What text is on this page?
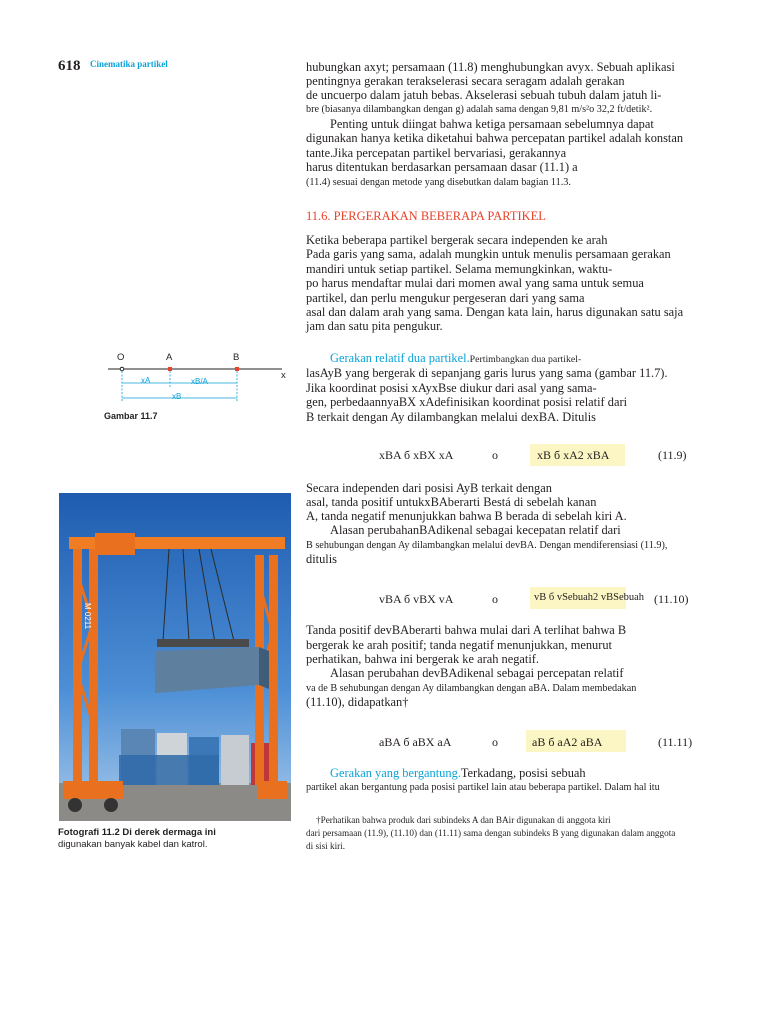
618 Cinematika partikel	hubungkan axyt; persamaan (11.8) menghubungkan avyx. Sebuah aplikasi
pentingnya gerakan terakselerasi secara seragam adalah gerakan
de uncuerpo dalam jatuh bebas. Akselerasi sebuah tubuh dalam jatuh li-
bre (biasanya dilambangkan dengan g) adalah sama dengan 9,81 m/s²o 32,2 ft/detik².
Penting untuk diingat bahwa ketiga persamaan sebelumnya dapat
digunakan hanya ketika diketahui bahwa percepatan partikel adalah konstan
tante.Jika percepatan partikel bervariasi, gerakannya
harus ditentukan berdasarkan persamaan dasar (11.1) a
(11.4) sesuai dengan metode yang disebutkan dalam bagian 11.3.
11.6. PERGERAKAN BEBERAPA PARTIKEL
Ketika beberapa partikel bergerak secara independen ke arah
Pada garis yang sama, adalah mungkin untuk menulis persamaan gerakan
mandiri untuk setiap partikel. Selama memungkinkan, waktu-
po harus mendaftar mulai dari momen awal yang sama untuk semua
partikel, dan perlu mengukur pergeseran dari yang sama
asal dan dalam arah yang sama. Dengan kata lain, harus digunakan satu saja
jam dan satu pita pengukur.
O	A	B
x
xA	xB/A
xB
Gambar 11.7
Gerakan relatif dua partikel.Pertimbangkan dua partikel-
lasAyB yang bergerak di sepanjang garis lurus yang sama (gambar 11.7).
Jika koordinat posisi xAyxBse diukur dari asal yang sama-
gen, perbedaannyaBX xAdefinisikan koordinat posisi relatif dari
B terkait dengan Ay dilambangkan melalui dexBA. Ditulis
xBA б xBX xA	o	xB б xA2 xBA	(11.9)
Secara independen dari posisi AyB terkait dengan
asal, tanda positif untukxBAberarti Bestá di sebelah kanan
A, tanda negatif menunjukkan bahwa B berada di sebelah kiri A.
Alasan perubahanBAdikenal sebagai kecepatan relatif dari
B sehubungan dengan Ay dilambangkan melalui devBA. Dengan mendiferensiasi (11.9),
ditulis
vBA б vBX vA	o	vB б vSebuah2 vBSebuah (11.10)
Tanda positif devBAberarti bahwa mulai dari A terlihat bahwa B
bergerak ke arah positif; tanda negatif menunjukkan, menurut
perhatikan, bahwa ini bergerak ke arah negatif.
Alasan perubahan devBAdikenal sebagai percepatan relatif
va de B sehubungan dengan Ay dilambangkan dengan aBA. Dalam membedakan
(11.10), didapatkan†
aBA б aBX aA	o	aB б aA2 aBA	(11.11)
Gerakan yang bergantung.Terkadang, posisi sebuah
partikel akan bergantung pada posisi partikel lain atau beberapa partikel. Dalam hal itu
†Perhatikan bahwa produk dari subindeks A dan BAir digunakan di anggota kiri
dari persamaan (11.9), (11.10) dan (11.11) sama dengan subindeks B yang digunakan dalam anggota
di sisi kiri.
M 0211
Fotografi 11.2 Di derek dermaga ini
digunakan banyak kabel dan katrol.
